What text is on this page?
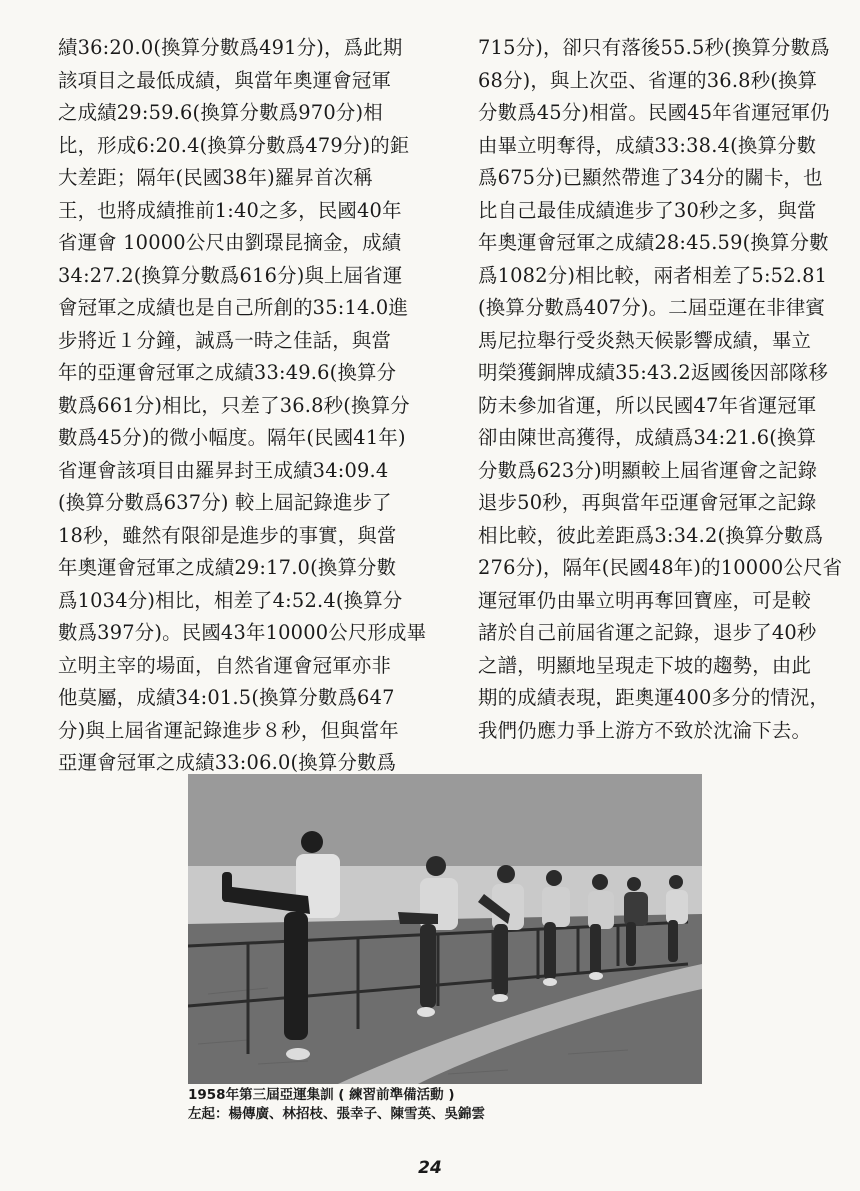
績36:20.0(換算分數爲491分)，爲此期
該項目之最低成績，與當年奧運會冠軍
之成績29:59.6(換算分數爲970分)相
比，形成6:20.4(換算分數爲479分)的鉅
大差距；隔年(民國38年)羅昇首次稱
王，也將成績推前1:40之多，民國40年
省運會 10000公尺由劉璟昆摘金，成績
34:27.2(換算分數爲616分)與上屆省運
會冠軍之成績也是自己所創的35:14.0進
步將近１分鐘，誠爲一時之佳話，與當
年的亞運會冠軍之成績33:49.6(換算分
數爲661分)相比，只差了36.8秒(換算分
數爲45分)的微小幅度。隔年(民國41年)
省運會該項目由羅昇封王成績34:09.4
(換算分數爲637分) 較上屆記錄進步了
18秒，雖然有限卻是進步的事實，與當
年奧運會冠軍之成績29:17.0(換算分數
爲1034分)相比，相差了4:52.4(換算分
數爲397分)。民國43年10000公尺形成畢
立明主宰的場面，自然省運會冠軍亦非
他莫屬，成績34:01.5(換算分數爲647
分)與上屆省運記錄進步８秒，但與當年
亞運會冠軍之成績33:06.0(換算分數爲
715分)，卻只有落後55.5秒(換算分數爲
68分)，與上次亞、省運的36.8秒(換算
分數爲45分)相當。民國45年省運冠軍仍
由畢立明奪得，成績33:38.4(換算分數
爲675分)已顯然帶進了34分的關卡，也
比自己最佳成績進步了30秒之多，與當
年奧運會冠軍之成績28:45.59(換算分數
爲1082分)相比較，兩者相差了5:52.81
(換算分數爲407分)。二屆亞運在非律賓
馬尼拉舉行受炎熱天候影響成績，畢立
明榮獲銅牌成績35:43.2返國後因部隊移
防未參加省運，所以民國47年省運冠軍
卻由陳世高獲得，成績爲34:21.6(換算
分數爲623分)明顯較上屆省運會之記錄
退步50秒，再與當年亞運會冠軍之記錄
相比較，彼此差距爲3:34.2(換算分數爲
276分)，隔年(民國48年)的10000公尺省
運冠軍仍由畢立明再奪回寶座，可是較
諸於自己前屆省運之記錄，退步了40秒
之譜，明顯地呈現走下坡的趨勢，由此
期的成績表現，距奧運400多分的情況，
我們仍應力爭上游方不致於沈淪下去。
1958年第三屆亞運集訓 ( 練習前準備活動 )
左起：楊傳廣、林招枝、張幸子、陳雪英、吳錦雲
24
